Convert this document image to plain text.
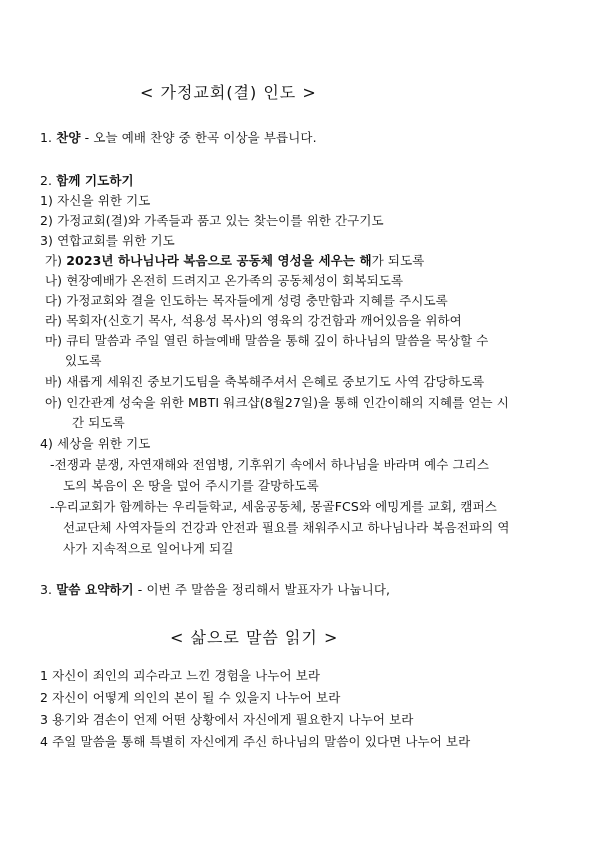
< 가정교회(결) 인도 >
1. 찬양 - 오늘 예배 찬양 중 한곡 이상을 부릅니다.
2. 함께 기도하기
1) 자신을 위한 기도
2) 가정교회(결)와 가족들과 품고 있는 찾는이를 위한 간구기도
3) 연합교회를 위한 기도
가) 2023년 하나님나라 복음으로 공동체 영성을 세우는 해가 되도록
나) 현장예배가 온전히 드려지고 온가족의 공동체성이 회복되도록
다) 가정교회와 결을 인도하는 목자들에게 성령 충만함과 지혜를 주시도록
라) 목회자(신호기 목사, 석용성 목사)의 영육의 강건함과 깨어있음을 위하여
마) 큐티 말씀과 주일 열린 하늘예배 말씀을 통해 깊이 하나님의 말씀을 묵상할 수
있도록
바) 새롭게 세워진 중보기도팀을 축복해주셔서 은혜로 중보기도 사역 감당하도록
아) 인간관계 성숙을 위한 MBTI 워크샵(8월27일)을 통해 인간이해의 지혜를 얻는 시
간 되도록
4) 세상을 위한 기도
-전쟁과 분쟁, 자연재해와 전염병, 기후위기 속에서 하나님을 바라며 예수 그리스
도의 복음이 온 땅을 덮어 주시기를 갈망하도록
-우리교회가 함께하는 우리들학교, 세움공동체, 몽골FCS와 에밍게를 교회, 캠퍼스
선교단체 사역자들의 건강과 안전과 필요를 채워주시고 하나님나라 복음전파의 역
사가 지속적으로 일어나게 되길
3. 말씀 요약하기 - 이번 주 말씀을 정리해서 발표자가 나눕니다,
< 삶으로 말씀 읽기 >
1 자신이 죄인의 괴수라고 느낀 경험을 나누어 보라
2 자신이 어떻게 의인의 본이 될 수 있을지 나누어 보라
3 용기와 겸손이 언제 어떤 상황에서 자신에게 필요한지 나누어 보라
4 주일 말씀을 통해 특별히 자신에게 주신 하나님의 말씀이 있다면 나누어 보라
